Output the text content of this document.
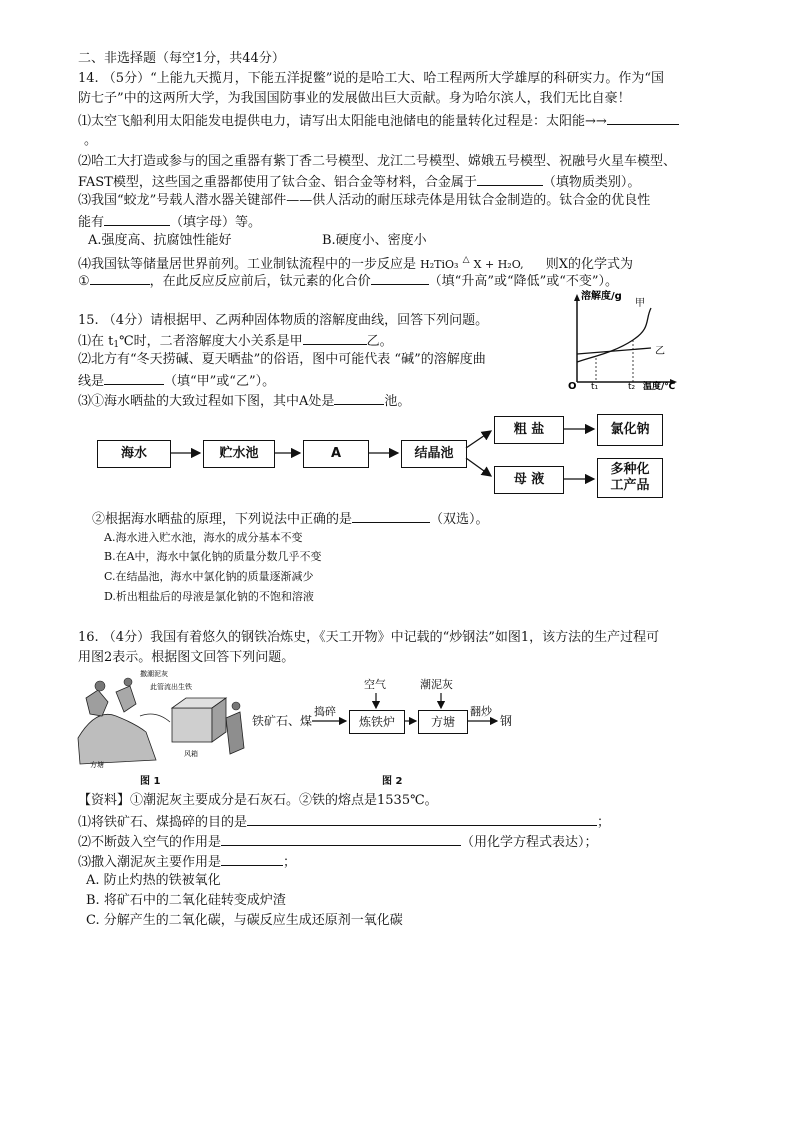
二、非选择题（每空1分，共44分）
14. （5分）“上能九天揽月，下能五洋捉鳖”说的是哈工大、哈工程两所大学雄厚的科研实力。作为“国
防七子”中的这两所大学，为我国国防事业的发展做出巨大贡献。身为哈尔滨人，我们无比自豪！
⑴太空飞船利用太阳能发电提供电力，请写出太阳能电池储电的能量转化过程是：太阳能→→
。
⑵哈工大打造或参与的国之重器有紫丁香二号模型、龙江二号模型、嫦娥五号模型、祝融号火星车模型、
FAST模型，这些国之重器都使用了钛合金、铝合金等材料，合金属于	（填物质类别）。
⑶我国“蛟龙”号载人潜水器关键部件——供人活动的耐压球壳体是用钛合金制造的。钛合金的优良性
能有	（填字母）等。
A.强度高、抗腐蚀性能好	B.硬度小、密度小
⑷我国钛等储量居世界前列。工业制钛流程中的一步反应是 H₂TiO₃ △ X + H₂O, 则X的化学式为
①	，在此反应反应前后，钛元素的化合价	（填“升高”或“降低”或“不变”）。
15. （4分）请根据甲、乙两种固体物质的溶解度曲线，回答下列问题。
⑴在 $t_1℃$时，二者溶解度大小关系是甲	乙。
⑵北方有“冬天捞碱、夏天晒盐”的俗语，图中可能代表 “碱”的溶解度曲
线是	（填“甲”或“乙”）。
⑶①海水晒盐的大致过程如下图，其中A处是	池。
溶解度/g
甲
乙
O t₁	t₂ 温度/℃
海水	贮水池	A	结晶池
粗 盐	氯化钠
母 液
多种化
工产品
②根据海水晒盐的原理，下列说法中正确的是	（双选）。
A.海水进入贮水池，海水的成分基本不变
B.在A中，海水中氯化钠的质量分数几乎不变
C.在结晶池，海水中氯化钠的质量逐渐减少
D.析出粗盐后的母液是氯化钠的不饱和溶液
16. （4分）我国有着悠久的钢铁冶炼史，《天工开物》中记载的“炒钢法”如图1，该方法的生产过程可
用图2表示。根据图文回答下列问题。
撒潮泥灰
此管流出生铁
方塘
风箱
图 1
铁矿石、煤
捣碎
空气
炼铁炉
潮泥灰
方塘
翻炒
钢
图 2
【资料】①潮泥灰主要成分是石灰石。②铁的熔点是1535℃。
⑴将铁矿石、煤捣碎的目的是	；
⑵不断鼓入空气的作用是	（用化学方程式表达）；
⑶撒入潮泥灰主要作用是	；
A. 防止灼热的铁被氧化
B. 将矿石中的二氧化硅转变成炉渣
C. 分解产生的二氧化碳，与碳反应生成还原剂一氧化碳
